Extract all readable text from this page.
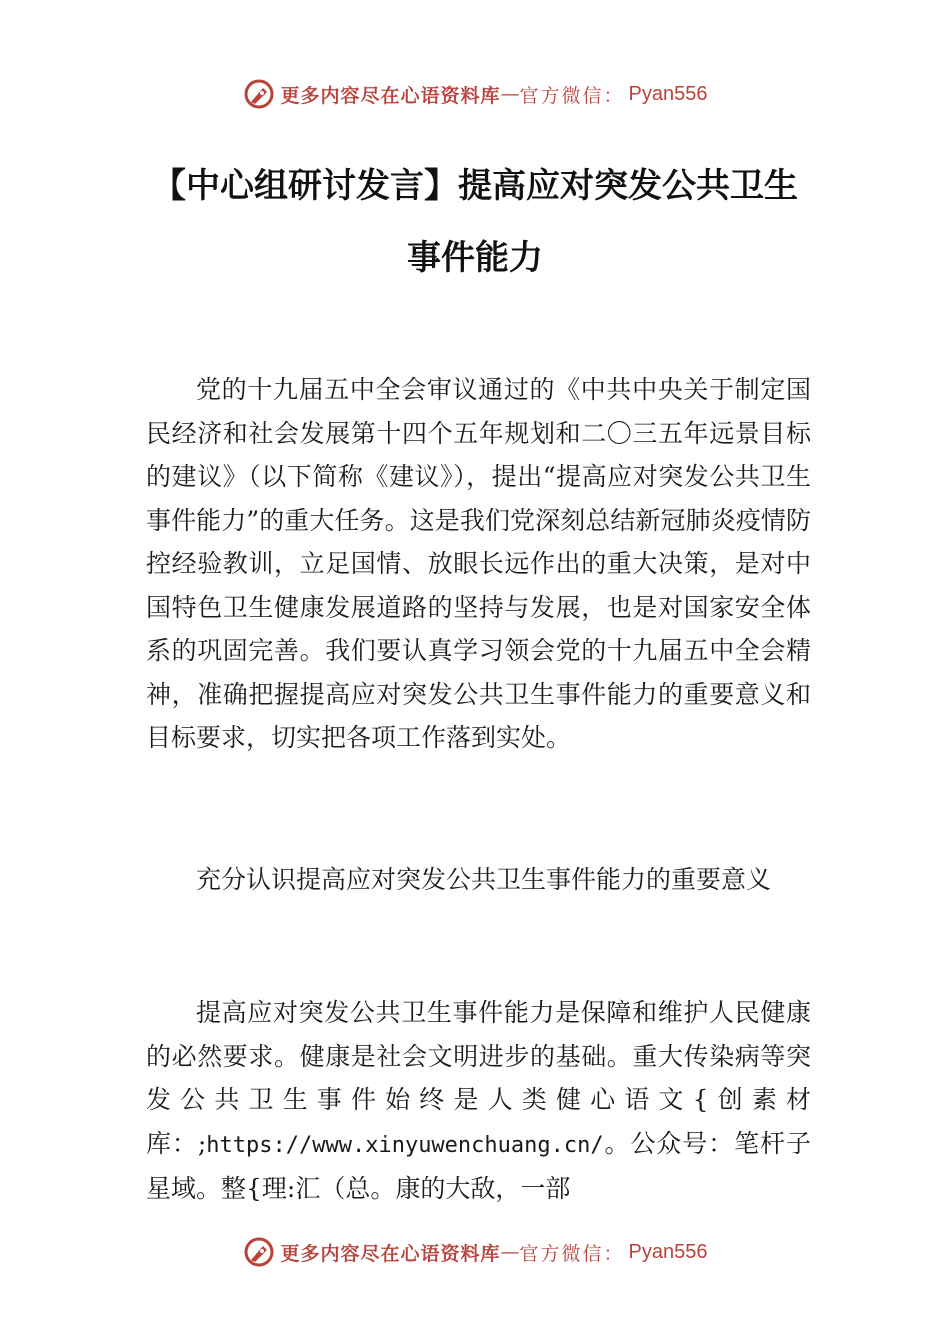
更多内容尽在心语资料库 — 官方微信： Pyan556
【中心组研讨发言】提高应对突发公共卫生
事件能力

党的十九届五中全会审议通过的《中共中央关于制定国民经济和社会发展第十四个五年规划和二〇三五年远景目标的建议》（以下简称《建议》），提出“提高应对突发公共卫生事件能力”的重大任务。这是我们党深刻总结新冠肺炎疫情防控经验教训，立足国情、放眼长远作出的重大决策，是对中国特色卫生健康发展道路的坚持与发展，也是对国家安全体系的巩固完善。我们要认真学习领会党的十九届五中全会精神，准确把握提高应对突发公共卫生事件能力的重要意义和目标要求，切实把各项工作落到实处。

充分认识提高应对突发公共卫生事件能力的重要意义

提高应对突发公共卫生事件能力是保障和维护人民健康的必然要求。健康是社会文明进步的基础。重大传染病等突发公共卫生事件始终是人类健心语文{创素材库：;https://www.xinyuwenchuang.cn/。公众号：笔杆子星域。整{理:汇（总。康的大敌，一部

更多内容尽在心语资料库 — 官方微信： Pyan556
